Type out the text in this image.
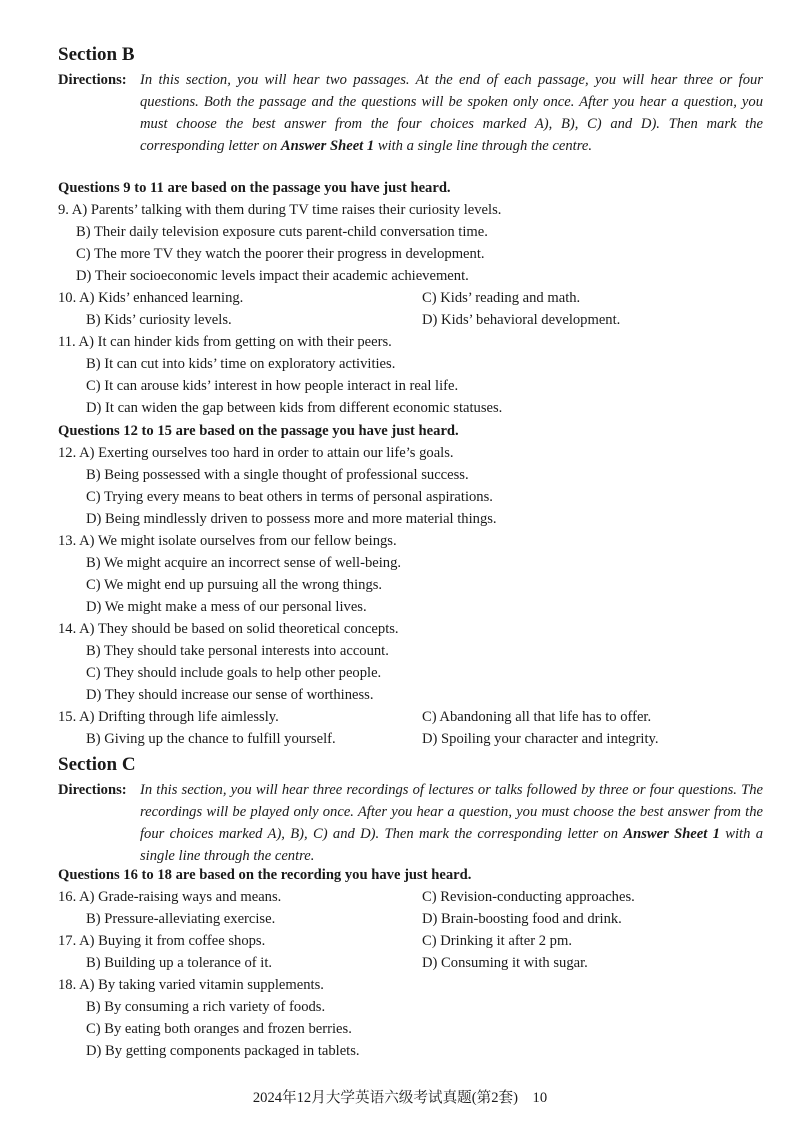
Section B
Directions: In this section, you will hear two passages. At the end of each passage, you will hear three or four questions. Both the passage and the questions will be spoken only once. After you hear a question, you must choose the best answer from the four choices marked A), B), C) and D). Then mark the corresponding letter on Answer Sheet 1 with a single line through the centre.
Questions 9 to 11 are based on the passage you have just heard.
9. A) Parents’ talking with them during TV time raises their curiosity levels.
B) Their daily television exposure cuts parent-child conversation time.
C) The more TV they watch the poorer their progress in development.
D) Their socioeconomic levels impact their academic achievement.
10. A) Kids’ enhanced learning.	C) Kids’ reading and math.
B) Kids’ curiosity levels.	D) Kids’ behavioral development.
11. A) It can hinder kids from getting on with their peers.
B) It can cut into kids’ time on exploratory activities.
C) It can arouse kids’ interest in how people interact in real life.
D) It can widen the gap between kids from different economic statuses.
Questions 12 to 15 are based on the passage you have just heard.
12. A) Exerting ourselves too hard in order to attain our life’s goals.
B) Being possessed with a single thought of professional success.
C) Trying every means to beat others in terms of personal aspirations.
D) Being mindlessly driven to possess more and more material things.
13. A) We might isolate ourselves from our fellow beings.
B) We might acquire an incorrect sense of well-being.
C) We might end up pursuing all the wrong things.
D) We might make a mess of our personal lives.
14. A) They should be based on solid theoretical concepts.
B) They should take personal interests into account.
C) They should include goals to help other people.
D) They should increase our sense of worthiness.
15. A) Drifting through life aimlessly.	C) Abandoning all that life has to offer.
B) Giving up the chance to fulfill yourself.	D) Spoiling your character and integrity.
Section C
Directions: In this section, you will hear three recordings of lectures or talks followed by three or four questions. The recordings will be played only once. After you hear a question, you must choose the best answer from the four choices marked A), B), C) and D). Then mark the corresponding letter on Answer Sheet 1 with a single line through the centre.
Questions 16 to 18 are based on the recording you have just heard.
16. A) Grade-raising ways and means.	C) Revision-conducting approaches.
B) Pressure-alleviating exercise.	D) Brain-boosting food and drink.
17. A) Buying it from coffee shops.	C) Drinking it after 2 pm.
B) Building up a tolerance of it.	D) Consuming it with sugar.
18. A) By taking varied vitamin supplements.
B) By consuming a rich variety of foods.
C) By eating both oranges and frozen berries.
D) By getting components packaged in tablets.
2024年12月大学英语六级考试真题(第2套)    10
